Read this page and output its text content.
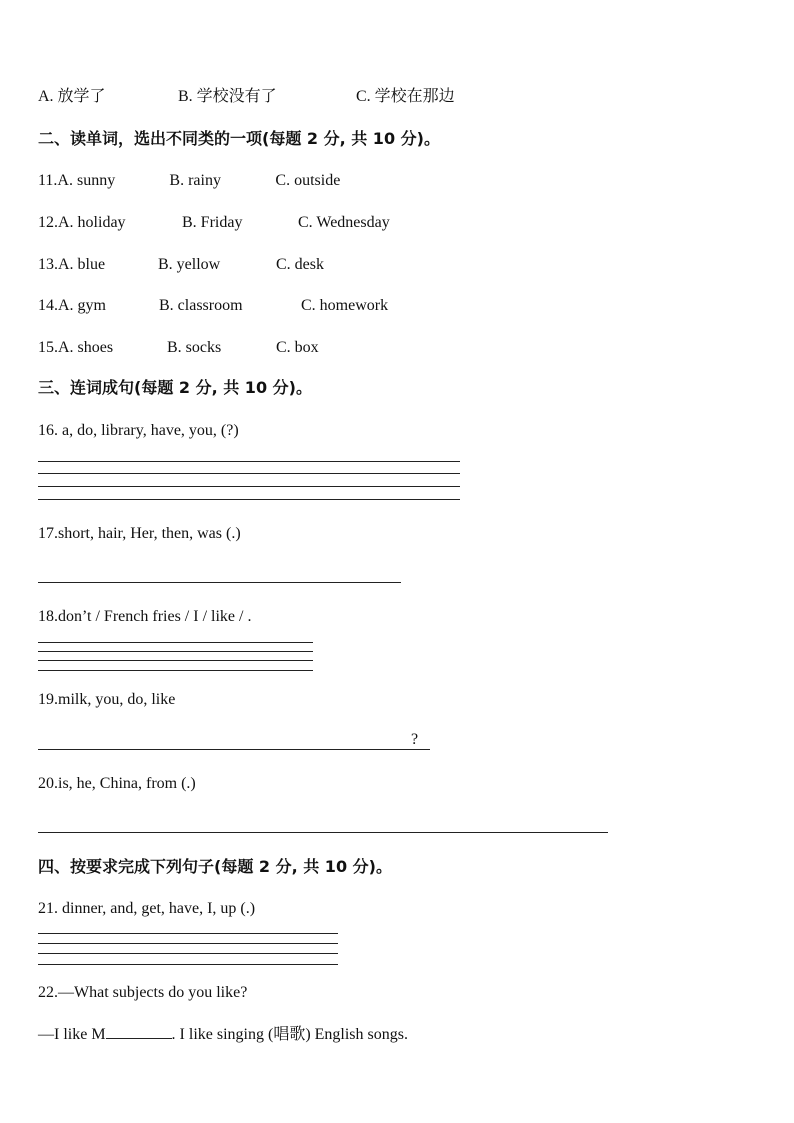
A. 放学了	B. 学校没有了	C. 学校在那边
二、读单词，选出不同类的一项(每题 2 分, 共 10 分)。
11.A. sunny	B. rainy	C. outside
12.A. holiday	B. Friday	C. Wednesday
13.A. blue	B. yellow	C. desk
14.A. gym	B. classroom	C. homework
15.A. shoes	B. socks	C. box
三、连词成句(每题 2 分, 共 10 分)。
16. a, do, library, have, you, (?)
17.short, hair, Her, then, was (.)
18.don’t / French fries / I / like / .
19.milk, you, do, like
?
20.is, he, China, from (.)
四、按要求完成下列句子(每题 2 分, 共 10 分)。
21. dinner, and, get, have, I, up (.)
22.—What subjects do you like?
—I like M	. I like singing (唱歌) English songs.
